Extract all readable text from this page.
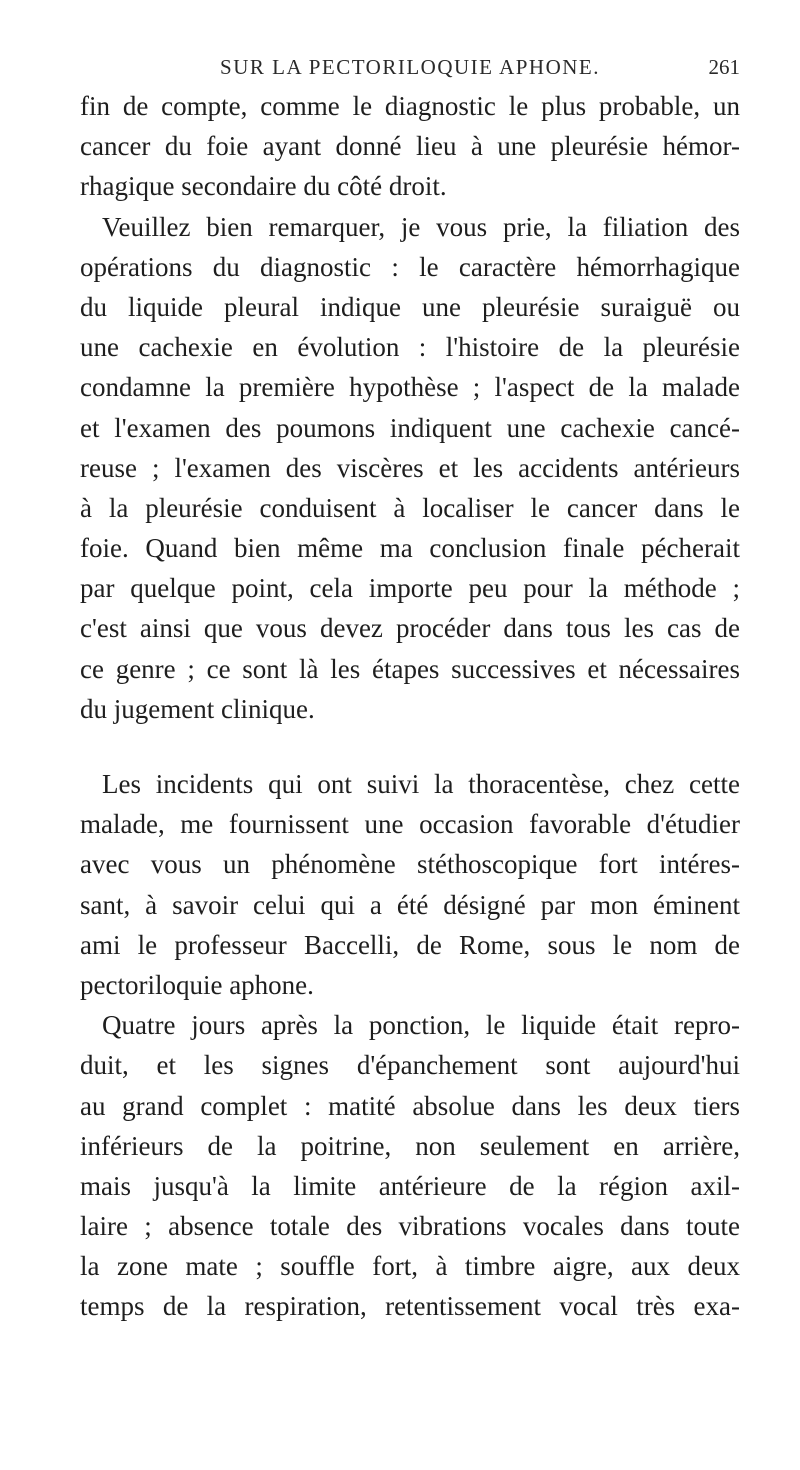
SUR LA PECTORILOQUIE APHONE.	261

fin de compte, comme le diagnostic le plus probable, un
cancer du foie ayant donné lieu à une pleurésie hémor-
rhagique secondaire du côté droit.

Veuillez bien remarquer, je vous prie, la filiation des
opérations du diagnostic : le caractère hémorrhagique
du liquide pleural indique une pleurésie suraiguë ou
une cachexie en évolution : l'histoire de la pleurésie
condamne la première hypothèse ; l'aspect de la malade
et l'examen des poumons indiquent une cachexie cancé-
reuse ; l'examen des viscères et les accidents antérieurs
à la pleurésie conduisent à localiser le cancer dans le
foie. Quand bien même ma conclusion finale pécherait
par quelque point, cela importe peu pour la méthode ;
c'est ainsi que vous devez procéder dans tous les cas de
ce genre ; ce sont là les étapes successives et nécessaires
du jugement clinique.

Les incidents qui ont suivi la thoracentèse, chez cette
malade, me fournissent une occasion favorable d'étudier
avec vous un phénomène stéthoscopique fort intéres-
sant, à savoir celui qui a été désigné par mon éminent
ami le professeur Baccelli, de Rome, sous le nom de
pectoriloquie aphone.

Quatre jours après la ponction, le liquide était repro-
duit, et les signes d'épanchement sont aujourd'hui
au grand complet : matité absolue dans les deux tiers
inférieurs de la poitrine, non seulement en arrière,
mais jusqu'à la limite antérieure de la région axil-
laire ; absence totale des vibrations vocales dans toute
la zone mate ; souffle fort, à timbre aigre, aux deux
temps de la respiration, retentissement vocal très exa-
